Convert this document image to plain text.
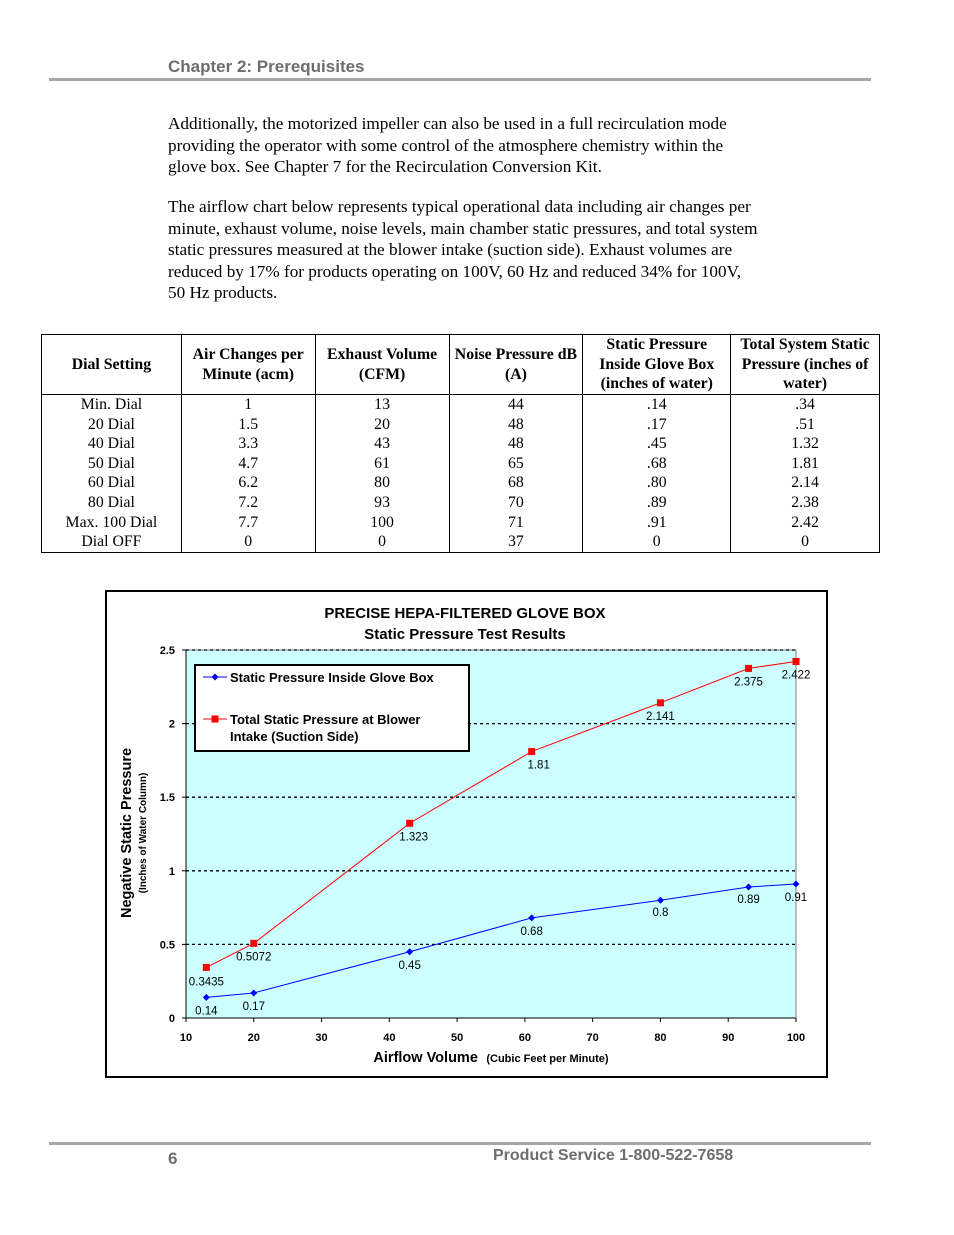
Chapter 2: Prerequisites

Additionally, the motorized impeller can also be used in a full recirculation mode providing the operator with some control of the atmosphere chemistry within the glove box. See Chapter 7 for the Recirculation Conversion Kit.

The airflow chart below represents typical operational data including air changes per minute, exhaust volume, noise levels, main chamber static pressures, and total system static pressures measured at the blower intake (suction side). Exhaust volumes are reduced by 17% for products operating on 100V, 60 Hz and reduced 34% for 100V, 50 Hz products.

Dial Setting	Air Changes per Minute (acm)	Exhaust Volume (CFM)	Noise Pressure dB (A)	Static Pressure Inside Glove Box (inches of water)	Total System Static Pressure (inches of water)
Min. Dial	1	13	44	.14	.34
20 Dial	1.5	20	48	.17	.51
40 Dial	3.3	43	48	.45	1.32
50 Dial	4.7	61	65	.68	1.81
60 Dial	6.2	80	68	.80	2.14
80 Dial	7.2	93	70	.89	2.38
Max. 100 Dial	7.7	100	71	.91	2.42
Dial OFF	0	0	37	0	0
PRECISE HEPA-FILTERED GLOVE BOX
Static Pressure Test Results
0
0.5
1
1.5
2
2.5
10	20	30	40	50	60	70	80	90	100
0.14 0.17
0.45
0.68
0.8
0.89 0.91
0.3435
0.5072
1.323
1.81
2.141
2.375
2.422
Static Pressure Inside Glove Box
Total Static Pressure at Blower Intake (Suction Side)
Negative Static Pressure (Inches of Water Column)
Airflow Volume (Cubic Feet per Minute)
6	Product Service 1-800-522-7658
